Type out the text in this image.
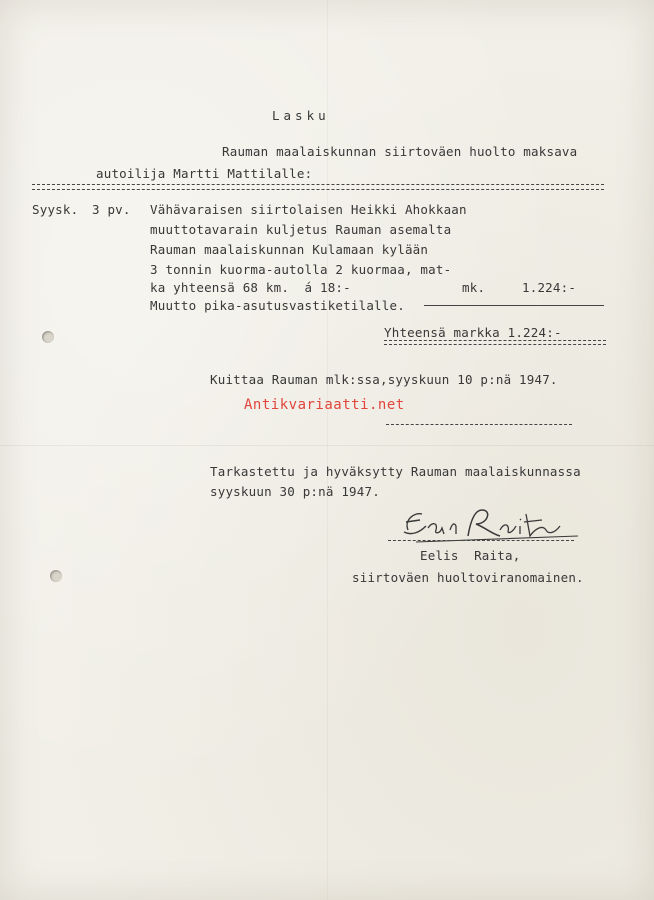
Lasku
Rauman maalaiskunnan siirtoväen huolto maksava
autoilija Martti Mattilalle:
Syysk. 3 pv. Vähävaraisen siirtolaisen Heikki Ahokkaan
muuttotavarain kuljetus Rauman asemalta
Rauman maalaiskunnan Kulamaan kylään
3 tonnin kuorma-autolla 2 kuormaa, mat-
ka yhteensä 68 km.  á 18:-	mk.	1.224:-
Muutto pika-asutusvastiketilalle.
Yhteensä markka 1.224:-
Kuittaa Rauman mlk:ssa,syyskuun 10 p:nä 1947.
Antikvariaatti.net
Tarkastettu ja hyväksytty Rauman maalaiskunnassa
syyskuun 30 p:nä 1947.
Eelis  Raita,
siirtoväen huoltoviranomainen.
